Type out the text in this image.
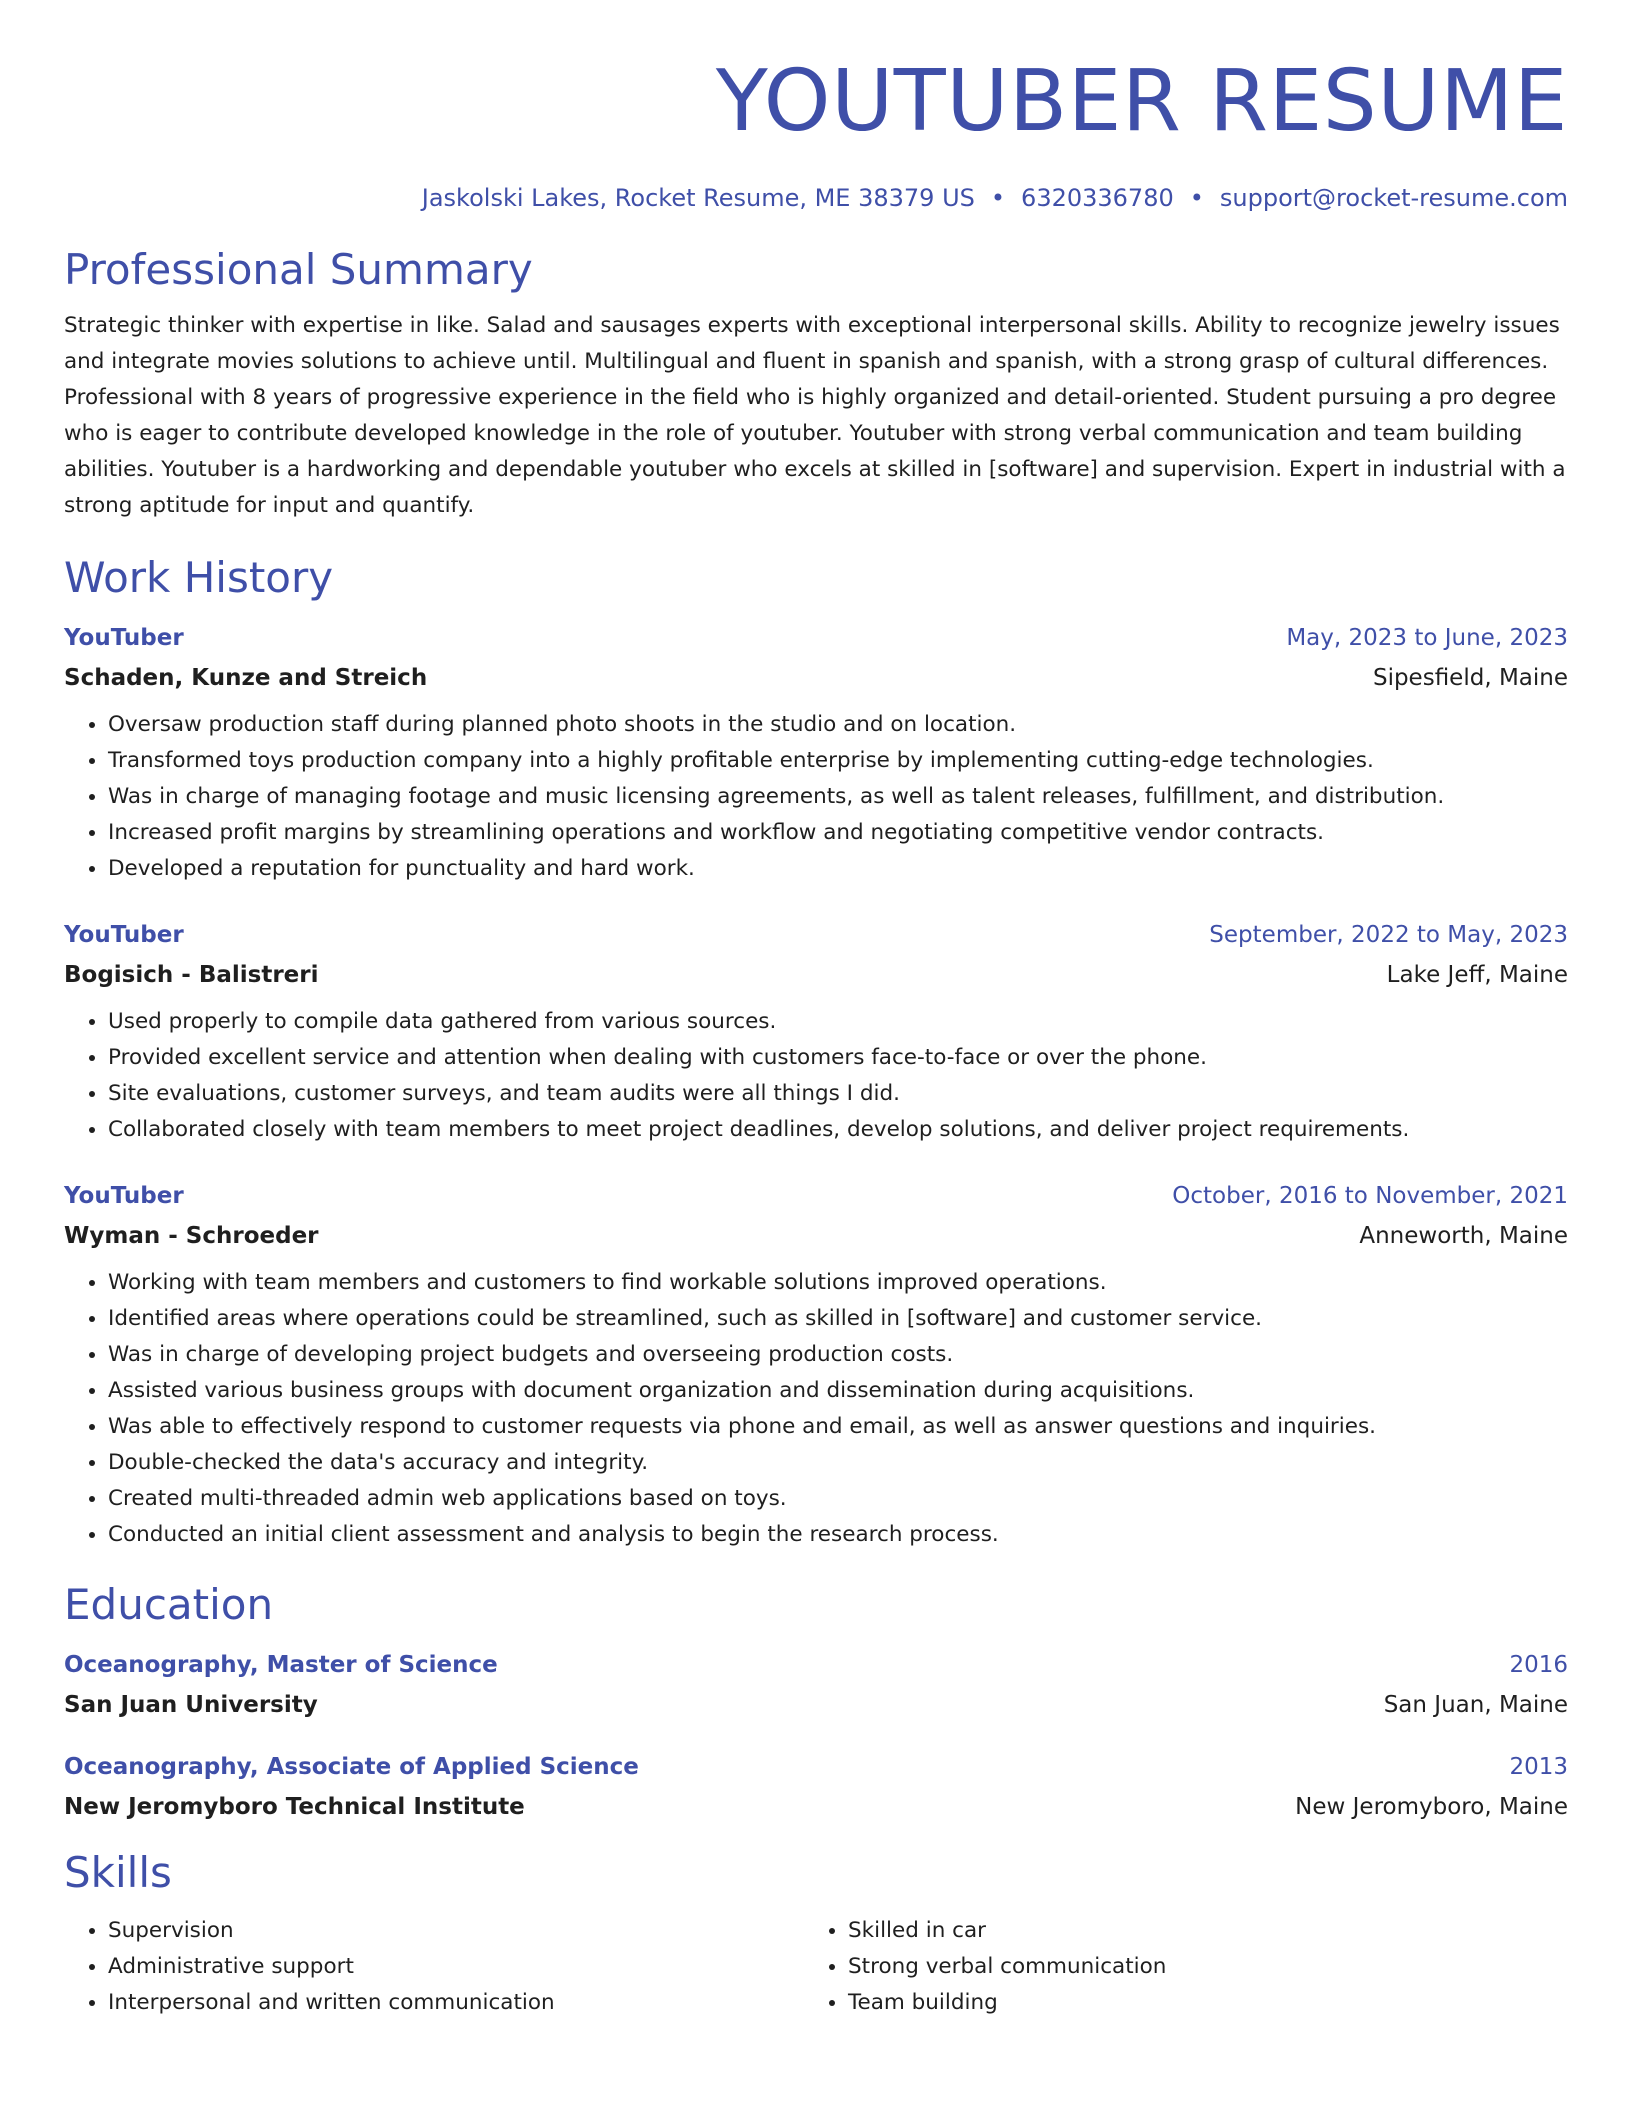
YOUTUBER RESUME
Jaskolski Lakes, Rocket Resume, ME 38379 US • 6320336780 • support@rocket-resume.com
Professional Summary
Strategic thinker with expertise in like. Salad and sausages experts with exceptional interpersonal skills. Ability to recognize jewelry issues and integrate movies solutions to achieve until. Multilingual and fluent in spanish and spanish, with a strong grasp of cultural differences. Professional with 8 years of progressive experience in the field who is highly organized and detail-oriented. Student pursuing a pro degree who is eager to contribute developed knowledge in the role of youtuber. Youtuber with strong verbal communication and team building abilities. Youtuber is a hardworking and dependable youtuber who excels at skilled in [software] and supervision. Expert in industrial with a strong aptitude for input and quantify.
Work History
YouTuber	May, 2023 to June, 2023
Schaden, Kunze and Streich	Sipesfield, Maine
• Oversaw production staff during planned photo shoots in the studio and on location.
• Transformed toys production company into a highly profitable enterprise by implementing cutting-edge technologies.
• Was in charge of managing footage and music licensing agreements, as well as talent releases, fulfillment, and distribution.
• Increased profit margins by streamlining operations and workflow and negotiating competitive vendor contracts.
• Developed a reputation for punctuality and hard work.
YouTuber	September, 2022 to May, 2023
Bogisich - Balistreri	Lake Jeff, Maine
• Used properly to compile data gathered from various sources.
• Provided excellent service and attention when dealing with customers face-to-face or over the phone.
• Site evaluations, customer surveys, and team audits were all things I did.
• Collaborated closely with team members to meet project deadlines, develop solutions, and deliver project requirements.
YouTuber	October, 2016 to November, 2021
Wyman - Schroeder	Anneworth, Maine
• Working with team members and customers to find workable solutions improved operations.
• Identified areas where operations could be streamlined, such as skilled in [software] and customer service.
• Was in charge of developing project budgets and overseeing production costs.
• Assisted various business groups with document organization and dissemination during acquisitions.
• Was able to effectively respond to customer requests via phone and email, as well as answer questions and inquiries.
• Double-checked the data's accuracy and integrity.
• Created multi-threaded admin web applications based on toys.
• Conducted an initial client assessment and analysis to begin the research process.
Education
Oceanography, Master of Science	2016
San Juan University	San Juan, Maine
Oceanography, Associate of Applied Science	2013
New Jeromyboro Technical Institute	New Jeromyboro, Maine
Skills
• Supervision
• Administrative support
• Interpersonal and written communication
• Skilled in car
• Strong verbal communication
• Team building
